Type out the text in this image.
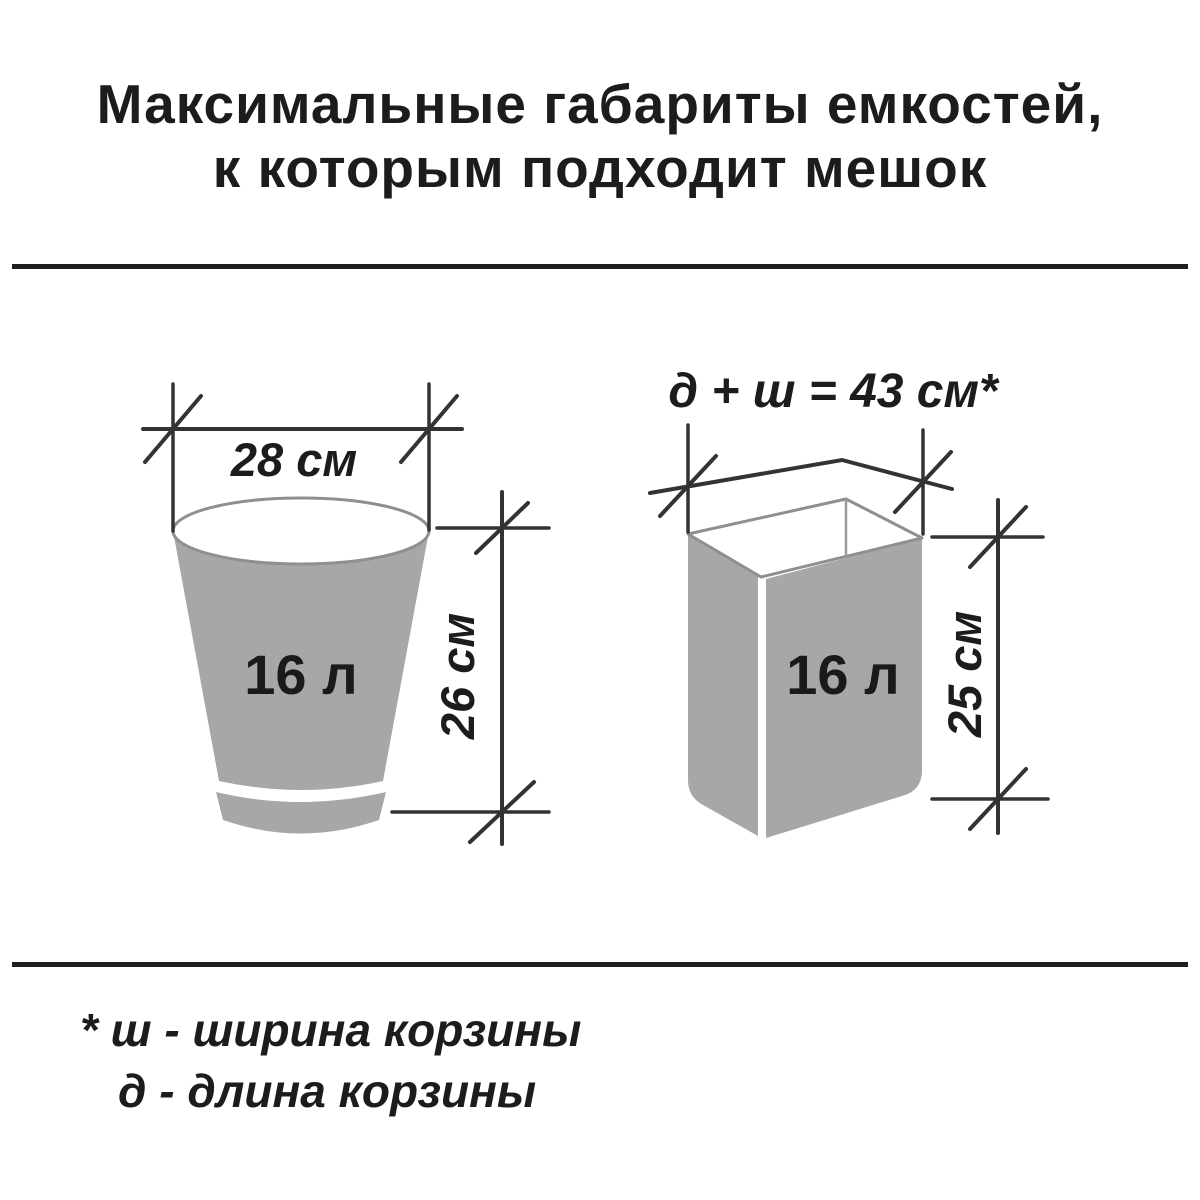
Максимальные габариты емкостей,
к которым подходит мешок
28 см
26 см
16 л
д + ш = 43 см*
25 см
16 л
* ш - ширина корзины
д - длина корзины
